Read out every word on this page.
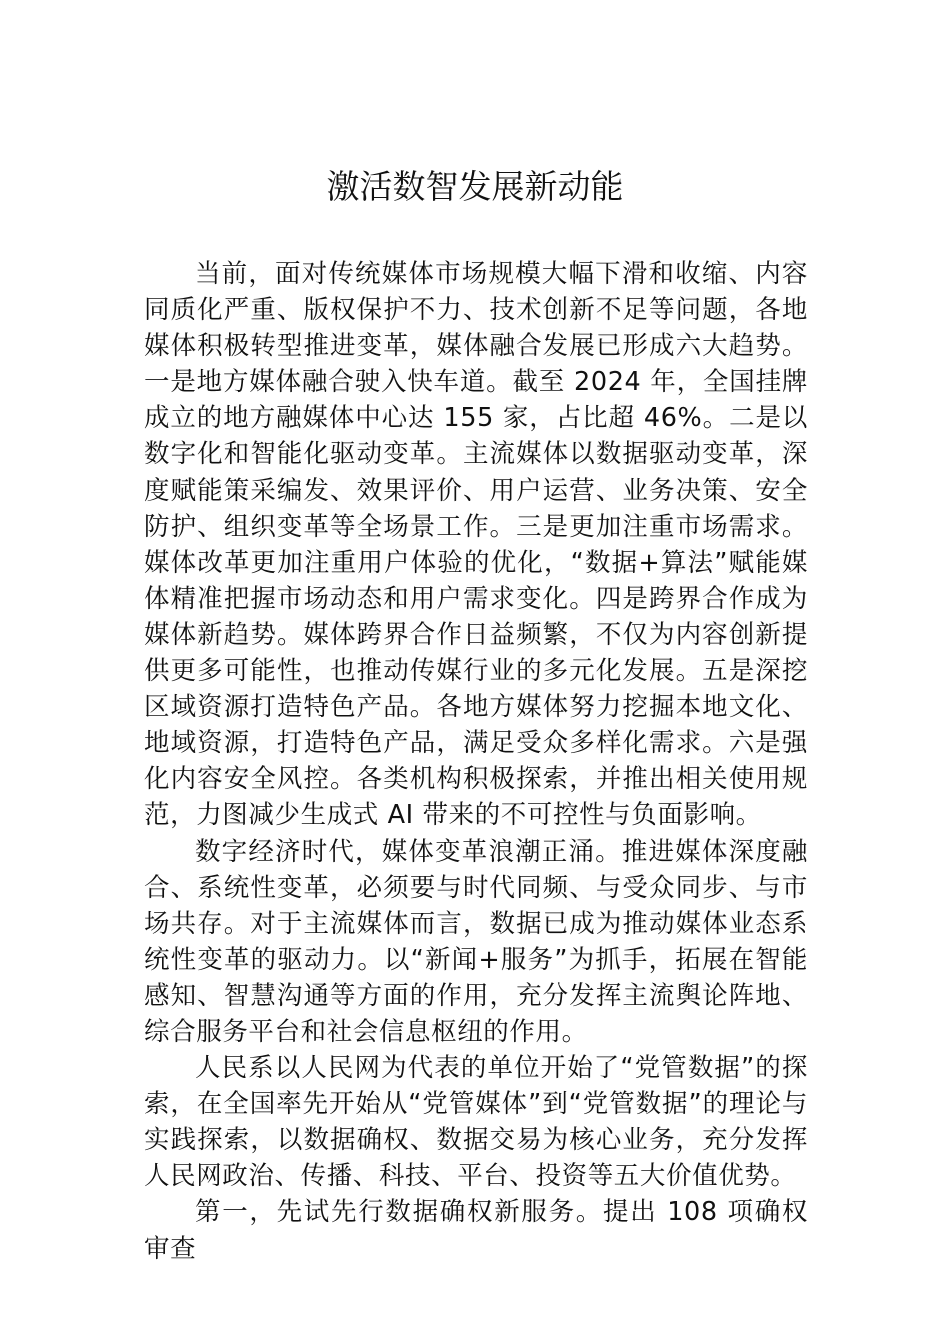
激活数智发展新动能

当前，面对传统媒体市场规模大幅下滑和收缩、内容同质化严重、版权保护不力、技术创新不足等问题，各地媒体积极转型推进变革，媒体融合发展已形成六大趋势。一是地方媒体融合驶入快车道。截至 2024 年，全国挂牌成立的地方融媒体中心达 155 家，占比超 46%。二是以数字化和智能化驱动变革。主流媒体以数据驱动变革，深度赋能策采编发、效果评价、用户运营、业务决策、安全防护、组织变革等全场景工作。三是更加注重市场需求。媒体改革更加注重用户体验的优化，“数据+算法”赋能媒体精准把握市场动态和用户需求变化。四是跨界合作成为媒体新趋势。媒体跨界合作日益频繁，不仅为内容创新提供更多可能性，也推动传媒行业的多元化发展。五是深挖区域资源打造特色产品。各地方媒体努力挖掘本地文化、地域资源，打造特色产品，满足受众多样化需求。六是强化内容安全风控。各类机构积极探索，并推出相关使用规范，力图减少生成式 AI 带来的不可控性与负面影响。

数字经济时代，媒体变革浪潮正涌。推进媒体深度融合、系统性变革，必须要与时代同频、与受众同步、与市场共存。对于主流媒体而言，数据已成为推动媒体业态系统性变革的驱动力。以“新闻+服务”为抓手，拓展在智能感知、智慧沟通等方面的作用，充分发挥主流舆论阵地、综合服务平台和社会信息枢纽的作用。

人民系以人民网为代表的单位开始了“党管数据”的探索，在全国率先开始从“党管媒体”到“党管数据”的理论与实践探索，以数据确权、数据交易为核心业务，充分发挥人民网政治、传播、科技、平台、投资等五大价值优势。

第一，先试先行数据确权新服务。提出 108 项确权审查
